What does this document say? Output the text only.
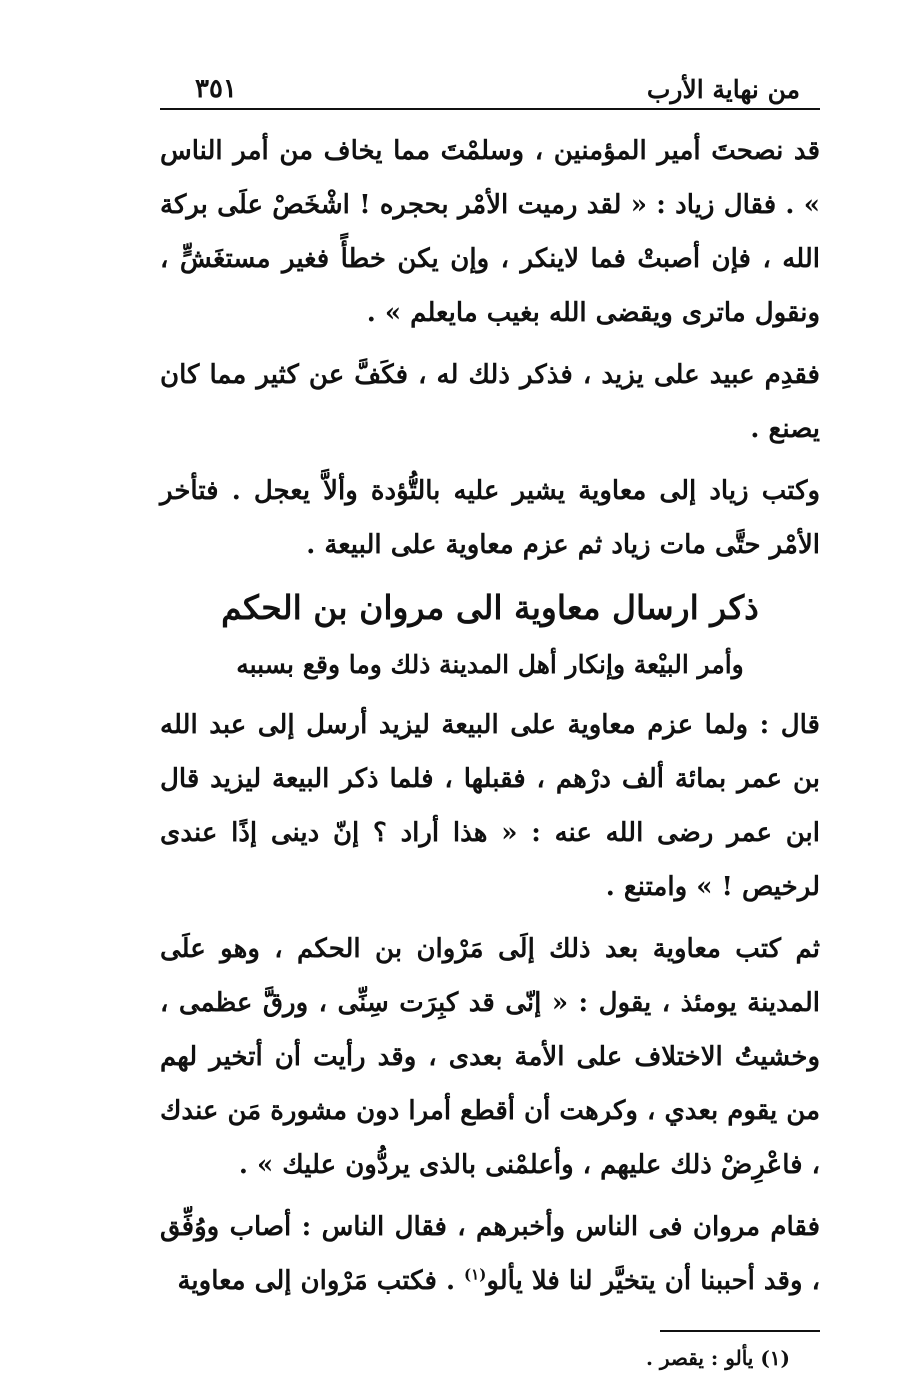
من نهاية الأرب
٣٥١

قد نصحتَ أمير المؤمنين ، وسلمْتَ مما يخاف من أمر الناس » . فقال زياد : « لقد رميت الأمْر بحجره ! اشْخَصْ علَى بركة الله ، فإن أصبتْ فما لاينكر ، وإن يكن خطأً فغير مستغَشٍّ ، ونقول ماترى ويقضى الله بغيب مايعلم » .

فقدِم عبيد على يزيد ، فذكر ذلك له ، فكَفَّ عن كثير مما كان يصنع .

وكتب زياد إلى معاوية يشير عليه بالتُّؤدة وألاَّ يعجل . فتأخر الأمْر حتَّى مات زياد ثم عزم معاوية على البيعة .

ذكر ارسال معاوية الى مروان بن الحكم
وأمر البيْعة وإنكار أهل المدينة ذلك وما وقع بسببه

قال : ولما عزم معاوية على البيعة ليزيد أرسل إلى عبد الله بن عمر بمائة ألف درْهم ، فقبلها ، فلما ذكر البيعة ليزيد قال ابن عمر رضى الله عنه : « هذا أراد ؟ إنّ دينى إذًا عندى لرخيص ! » وامتنع .

ثم كتب معاوية بعد ذلك إلَى مَرْوان بن الحكم ، وهو علَى المدينة يومئذ ، يقول : « إنّى قد كبِرَت سِنِّى ، ورقَّ عظمى ، وخشيتُ الاختلاف على الأمة بعدى ، وقد رأيت أن أتخير لهم من يقوم بعدي ، وكرهت أن أقطع أمرا دون مشورة مَن عندك ، فاعْرِضْ ذلك عليهم ، وأعلمْنى بالذى يردُّون عليك » .

فقام مروان فى الناس وأخبرهم ، فقال الناس : أصاب ووُفِّق ، وقد أحببنا أن يتخيَّر لنا فلا يألو$^{(١)}$ . فكتب مَرْوان إلى معاوية

(١) يألو : يقصر .
